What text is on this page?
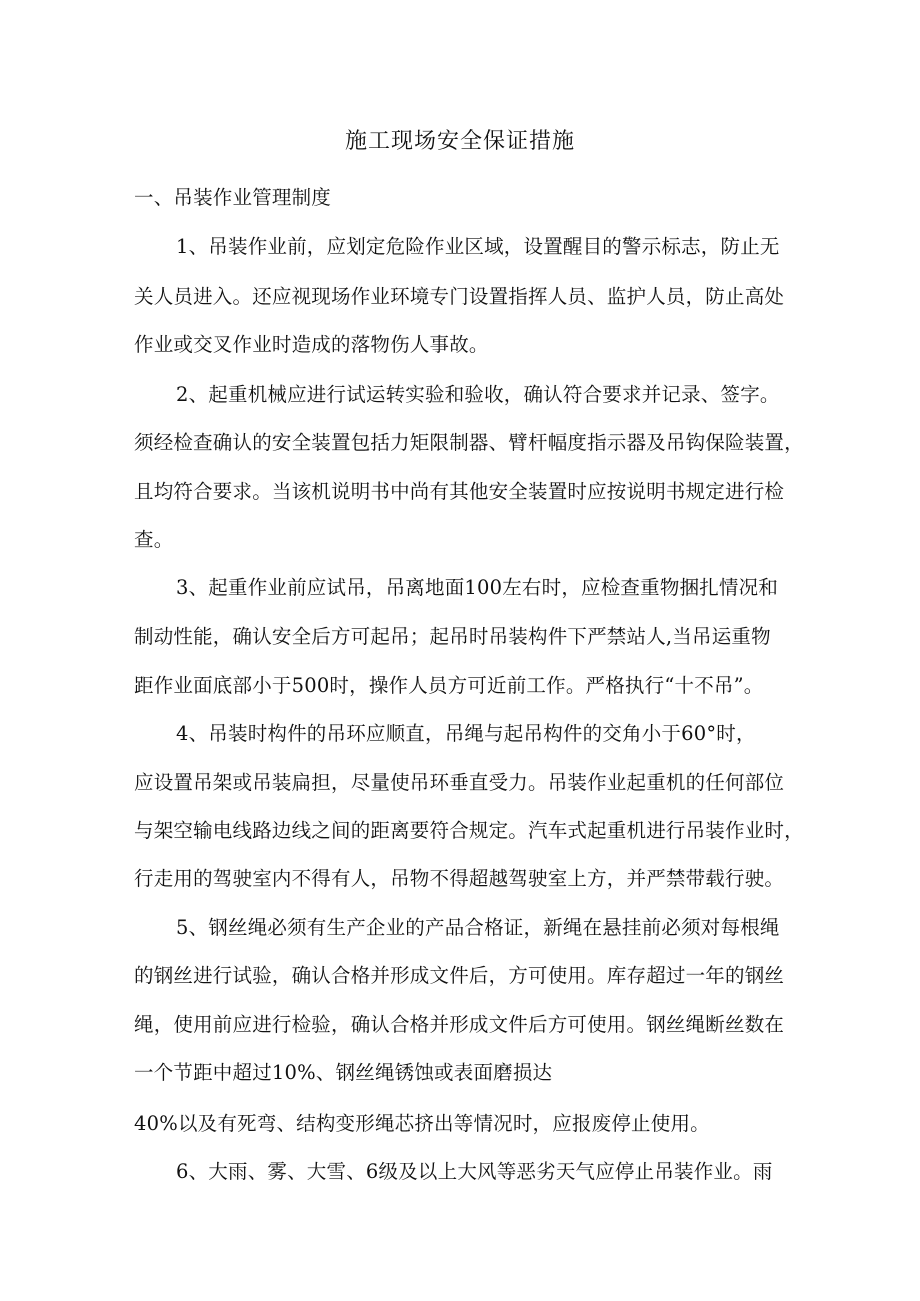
施工现场安全保证措施
一、吊装作业管理制度
1、吊装作业前，应划定危险作业区域，设置醒目的警示标志，防止无
关人员进入。还应视现场作业环境专门设置指挥人员、监护人员，防止高处
作业或交叉作业时造成的落物伤人事故。
2、起重机械应进行试运转实验和验收，确认符合要求并记录、签字。
须经检查确认的安全装置包括力矩限制器、臂杆幅度指示器及吊钩保险装置，
且均符合要求。当该机说明书中尚有其他安全装置时应按说明书规定进行检
查。
3、起重作业前应试吊，吊离地面100左右时，应检查重物捆扎情况和
制动性能，确认安全后方可起吊；起吊时吊装构件下严禁站人,当吊运重物
距作业面底部小于500时，操作人员方可近前工作。严格执行“十不吊”。
4、吊装时构件的吊环应顺直，吊绳与起吊构件的交角小于60°时，
应设置吊架或吊装扁担，尽量使吊环垂直受力。吊装作业起重机的任何部位
与架空输电线路边线之间的距离要符合规定。汽车式起重机进行吊装作业时，
行走用的驾驶室内不得有人，吊物不得超越驾驶室上方，并严禁带载行驶。
5、钢丝绳必须有生产企业的产品合格证，新绳在悬挂前必须对每根绳
的钢丝进行试验，确认合格并形成文件后，方可使用。库存超过一年的钢丝
绳，使用前应进行检验，确认合格并形成文件后方可使用。钢丝绳断丝数在
一个节距中超过10%、钢丝绳锈蚀或表面磨损达
40%以及有死弯、结构变形绳芯挤出等情况时，应报废停止使用。
6、大雨、雾、大雪、6级及以上大风等恶劣天气应停止吊装作业。雨
